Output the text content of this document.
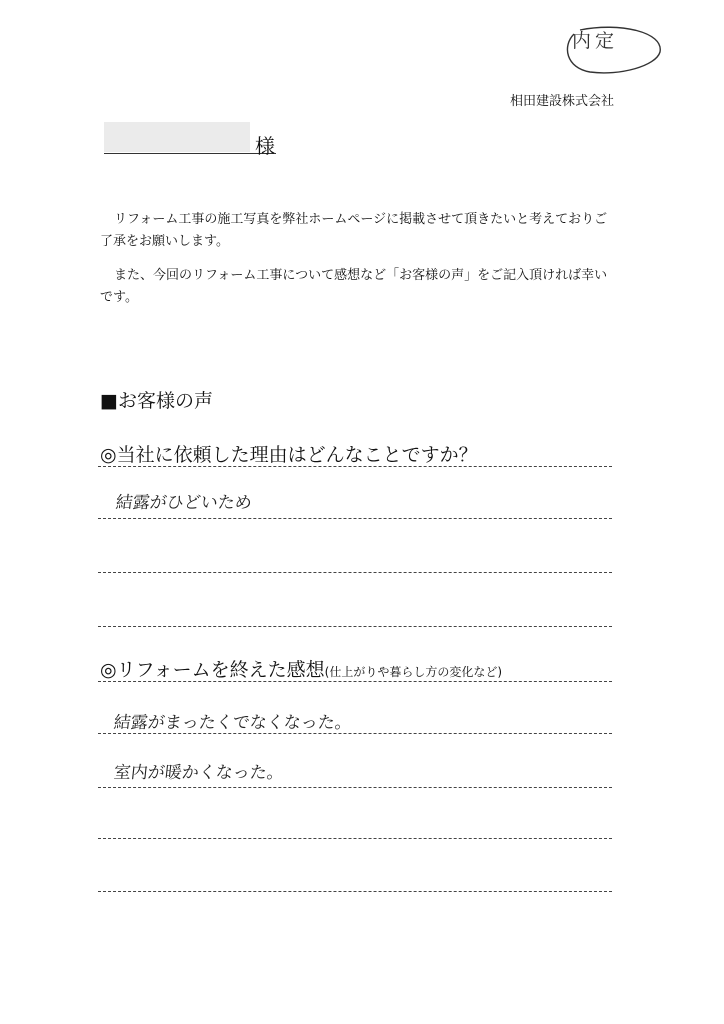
内定
相田建設株式会社
様
リフォーム工事の施工写真を弊社ホームページに掲載させて頂きたいと考えておりご了承をお願いします。
また、今回のリフォーム工事について感想など「お客様の声」をご記入頂ければ幸いです。
■お客様の声
◎当社に依頼した理由はどんなことですか？
結露がひどいため
◎リフォームを終えた感想(仕上がりや暮らし方の変化など)
結露がまったくでなくなった。
室内が暖かくなった。
